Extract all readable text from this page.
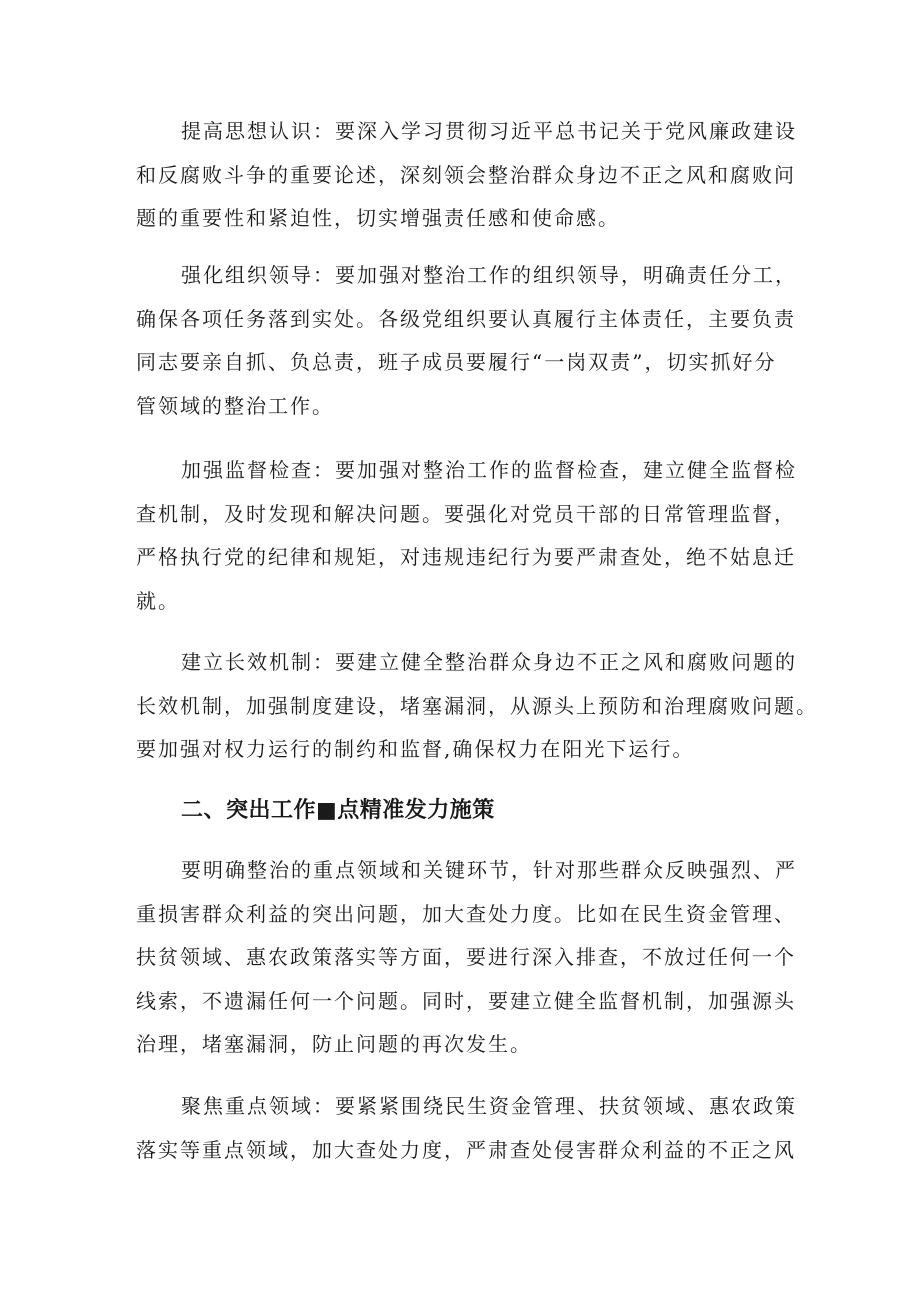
提高思想认识：要深入学习贯彻习近平总书记关于党风廉政建设
和反腐败斗争的重要论述，深刻领会整治群众身边不正之风和腐败问
题的重要性和紧迫性，切实增强责任感和使命感。
强化组织领导：要加强对整治工作的组织领导，明确责任分工，
确保各项任务落到实处。各级党组织要认真履行主体责任，主要负责
同志要亲自抓、负总责，班子成员要履行“一岗双责”，切实抓好分
管领域的整治工作。
加强监督检查：要加强对整治工作的监督检查，建立健全监督检
查机制，及时发现和解决问题。要强化对党员干部的日常管理监督，
严格执行党的纪律和规矩，对违规违纪行为要严肃查处，绝不姑息迁
就。
建立长效机制：要建立健全整治群众身边不正之风和腐败问题的
长效机制，加强制度建设，堵塞漏洞，从源头上预防和治理腐败问题。
要加强对权力运行的制约和监督,确保权力在阳光下运行。
二、突出工作■点精准发力施策
要明确整治的重点领域和关键环节，针对那些群众反映强烈、严
重损害群众利益的突出问题，加大查处力度。比如在民生资金管理、
扶贫领域、惠农政策落实等方面，要进行深入排查，不放过任何一个
线索，不遗漏任何一个问题。同时，要建立健全监督机制，加强源头
治理，堵塞漏洞，防止问题的再次发生。
聚焦重点领域：要紧紧围绕民生资金管理、扶贫领域、惠农政策
落实等重点领域，加大查处力度，严肃查处侵害群众利益的不正之风
